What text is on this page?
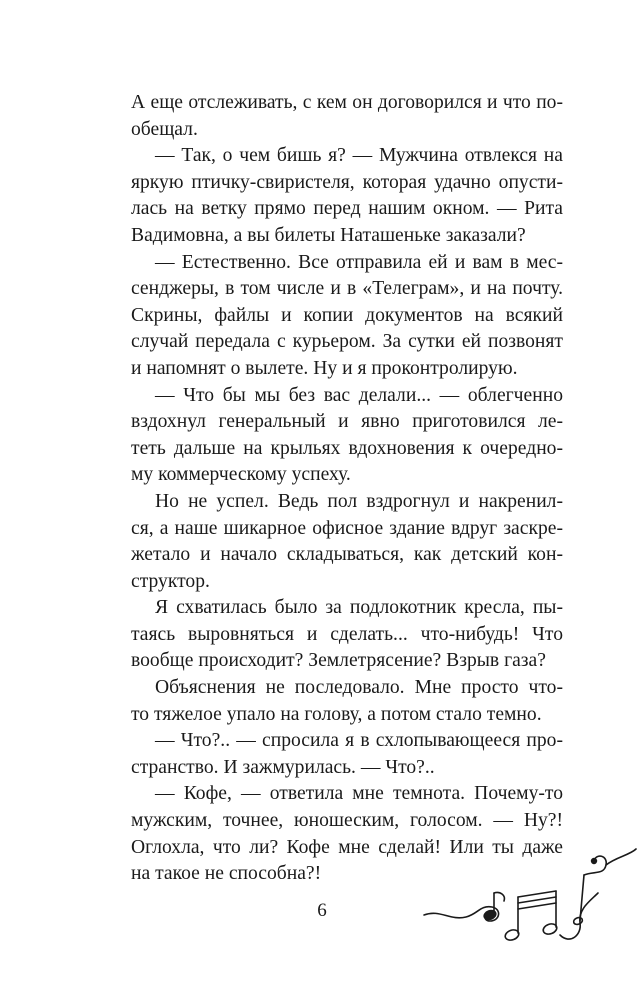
А еще отслеживать, с кем он договорился и что по-
обещал.
— Так, о чем бишь я? — Мужчина отвлекся на
яркую птичку-свиристеля, которая удачно опусти-
лась на ветку прямо перед нашим окном. — Рита
Вадимовна, а вы билеты Наташеньке заказали?
— Естественно. Все отправила ей и вам в мес-
сенджеры, в том числе и в «Телеграм», и на почту.
Скрины, файлы и копии документов на всякий
случай передала с курьером. За сутки ей позвонят
и напомнят о вылете. Ну и я проконтролирую.
— Что бы мы без вас делали... — облегченно
вздохнул генеральный и явно приготовился ле-
теть дальше на крыльях вдохновения к очередно-
му коммерческому успеху.
Но не успел. Ведь пол вздрогнул и накренил-
ся, а наше шикарное офисное здание вдруг заскре-
жетало и начало складываться, как детский кон-
структор.
Я схватилась было за подлокотник кресла, пы-
таясь выровняться и сделать... что-нибудь! Что
вообще происходит? Землетрясение? Взрыв газа?
Объяснения не последовало. Мне просто что-
то тяжелое упало на голову, а потом стало темно.
— Что?.. — спросила я в схлопывающееся про-
странство. И зажмурилась. — Что?..
— Кофе, — ответила мне темнота. Почему-то
мужским, точнее, юношеским, голосом. — Ну?!
Оглохла, что ли? Кофе мне сделай! Или ты даже
на такое не способна?!
6
